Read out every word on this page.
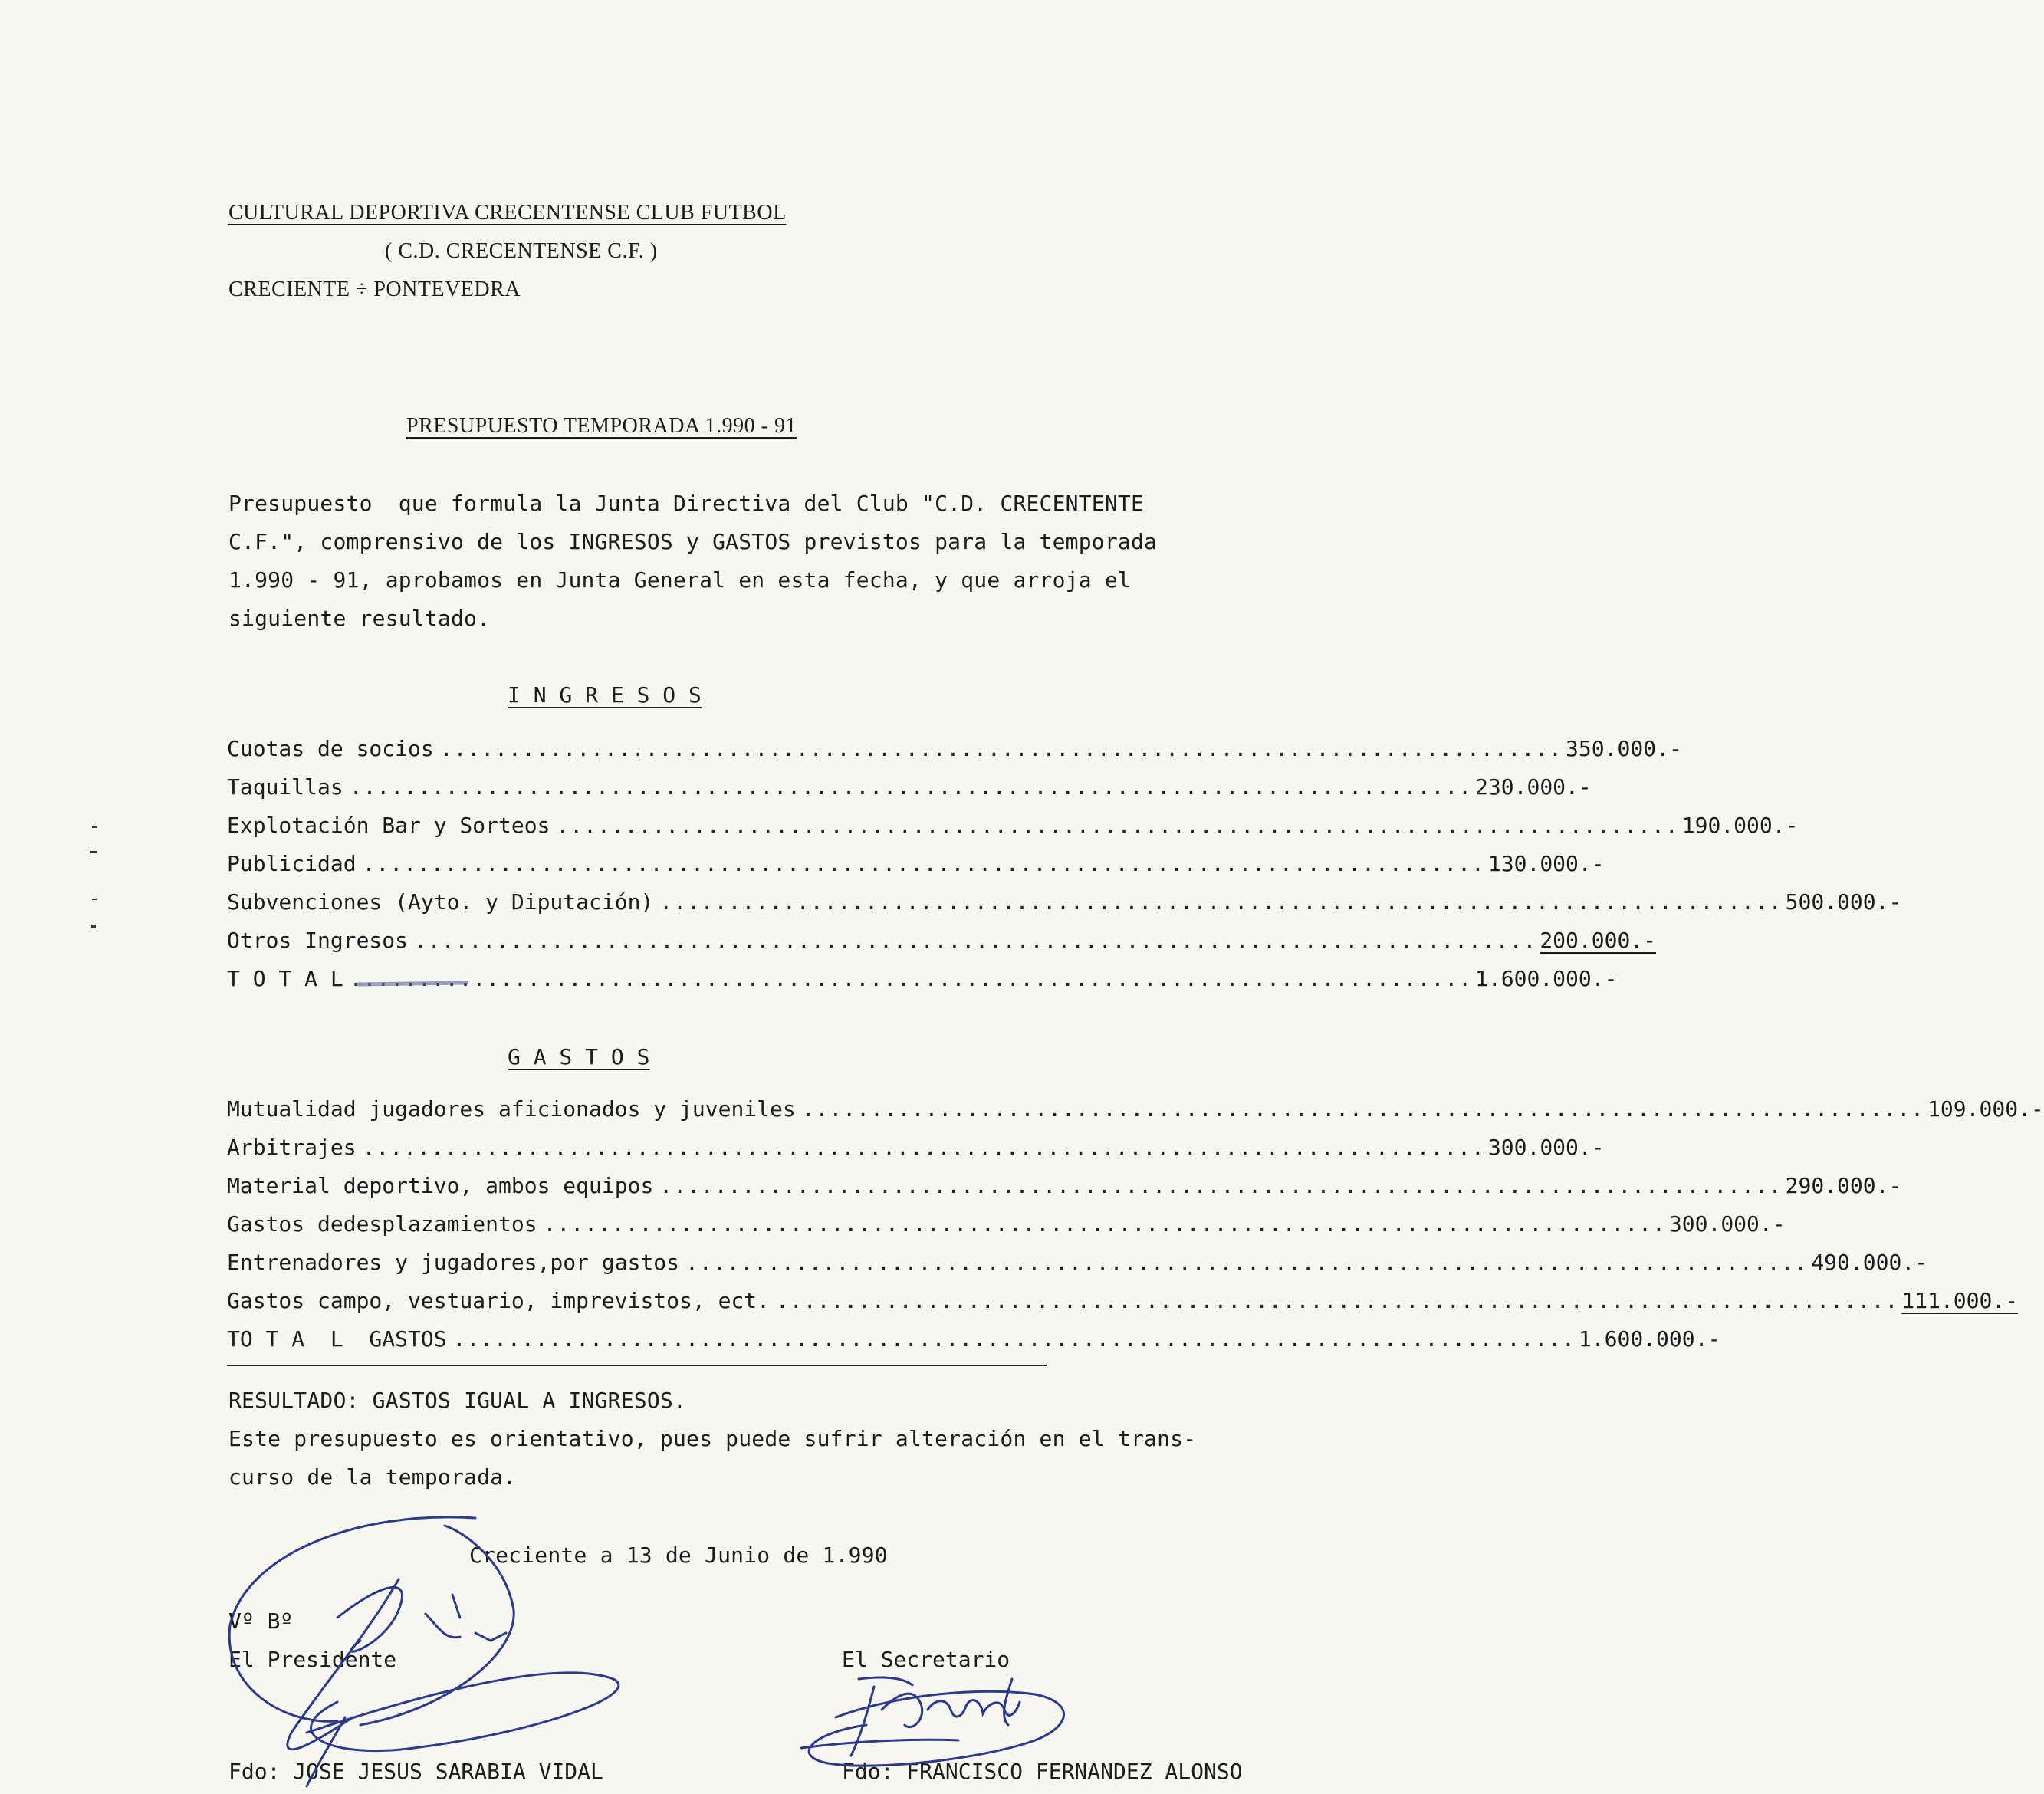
CULTURAL DEPORTIVA CRECENTENSE CLUB FUTBOL
( C.D. CRECENTENSE C.F. )
CRECIENTE ÷ PONTEVEDRA
PRESUPUESTO TEMPORADA 1.990 - 91
Presupuesto  que formula la Junta Directiva del Club "C.D. CRECENTENTE
C.F.", comprensivo de los INGRESOS y GASTOS previstos para la temporada
1.990 - 91, aprobamos en Junta General en esta fecha, y que arroja el
siguiente resultado.
I N G R E S O S
Cuotas de socios .................................................................................. 350.000.-
Taquillas .................................................................................. 230.000.-
Explotación Bar y Sorteos .................................................................................. 190.000.-
Publicidad .................................................................................. 130.000.-
Subvenciones (Ayto. y Diputación) .................................................................................. 500.000.-
Otros Ingresos .................................................................................. 200.000.-
T O T A L .................................................................................. 1.600.000.-
G A S T O S
Mutualidad jugadores aficionados y juveniles .................................................................................. 109.000.-
Arbitrajes .................................................................................. 300.000.-
Material deportivo, ambos equipos .................................................................................. 290.000.-
Gastos dedesplazamientos .................................................................................. 300.000.-
Entrenadores y jugadores,por gastos .................................................................................. 490.000.-
Gastos campo, vestuario, imprevistos, ect. .................................................................................. 111.000.-
TO T A  L  GASTOS .................................................................................. 1.600.000.-
RESULTADO: GASTOS IGUAL A INGRESOS.
Este presupuesto es orientativo, pues puede sufrir alteración en el trans-
curso de la temporada.
Creciente a 13 de Junio de 1.990
Vº Bº
El Presidente
Fdo: JOSE JESUS SARABIA VIDAL
El Secretario
Fdo: FRANCISCO FERNANDEZ ALONSO
